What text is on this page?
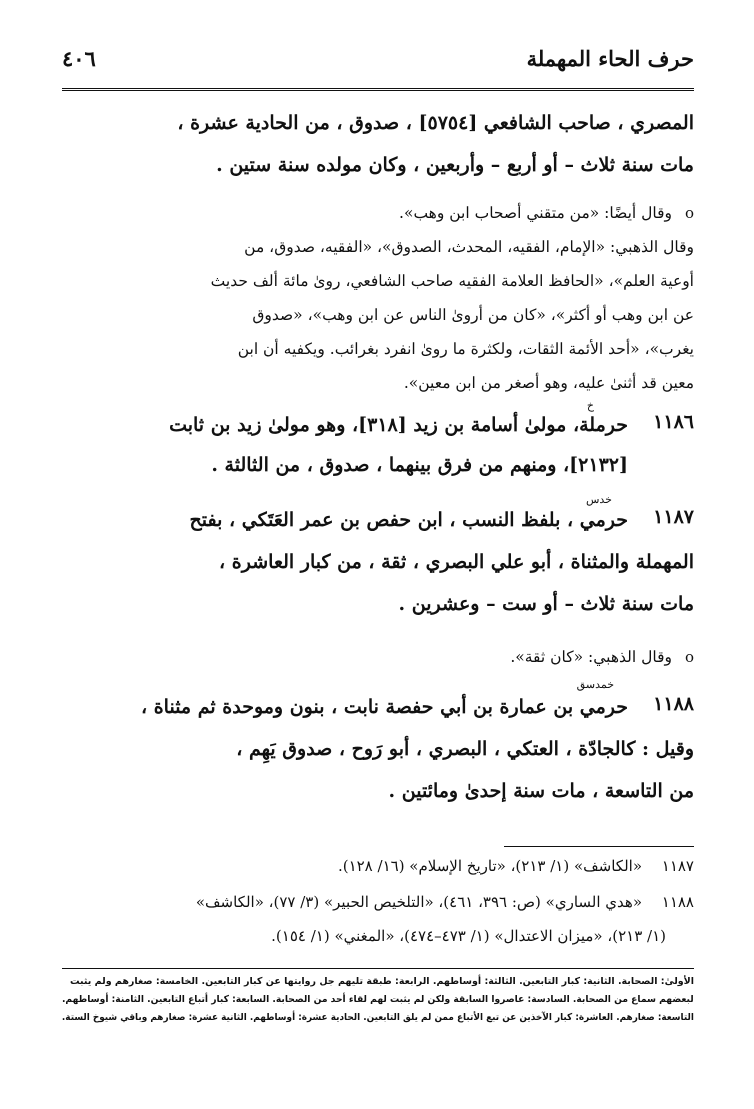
حرف الحاء المهملة
٤٠٦
المصري ، صاحب الشافعي [٥٧٥٤] ، صدوق ، من الحادية عشرة ،
مات سنة ثلاث – أو أربع – وأربعين ، وكان مولده سنة ستين .
o
وقال أيضًا: «من متقني أصحاب ابن وهب».
وقال الذهبي: «الإمام، الفقيه، المحدث، الصدوق»، «الفقيه، صدوق، من
أوعية العلم»، «الحافظ العلامة الفقيه صاحب الشافعي، روىٰ مائة ألف حديث
عن ابن وهب أو أكثر»، «كان من أروىٰ الناس عن ابن وهب»، «صدوق
يغرب»، «أحد الأئمة الثقات، ولكثرة ما روىٰ انفرد بغرائب. ويكفيه أن ابن
معين قد أثنىٰ عليه، وهو أصغر من ابن معين».
١١٨٦
خ
حرملة، مولىٰ أسامة بن زيد [٣١٨]، وهو مولىٰ زيد بن ثابت
[٢١٣٢]، ومنهم من فرق بينهما ، صدوق ، من الثالثة .
١١٨٧
خدس
حرمي ، بلفظ النسب ، ابن حفص بن عمر العَتَكي ، بفتح
المهملة والمثناة ، أبو علي البصري ، ثقة ، من كبار العاشرة ،
مات سنة ثلاث – أو ست – وعشرين .
o
وقال الذهبي: «كان ثقة».
١١٨٨
خمدسق
حرمي بن عمارة بن أبي حفصة نابت ، بنون وموحدة ثم مثناة ،
وقيل : كالجادّة ، العتكي ، البصري ، أبو رَوح ، صدوق يَهِم ،
من التاسعة ، مات سنة إحدىٰ ومائتين .
١١٨٧
«الكاشف» (١/ ٢١٣)، «تاريخ الإسلام» (١٦/ ١٢٨).
١١٨٨
«هدي الساري» (ص: ٣٩٦، ٤٦١)، «التلخيص الحبير» (٣/ ٧٧)، «الكاشف»
(١/ ٢١٣)، «ميزان الاعتدال» (١/ ٤٧٣–٤٧٤)، «المغني» (١/ ١٥٤).
الأولىٰ: الصحابة. الثانية: كبار التابعين. الثالثة: أوساطهم. الرابعة: طبقة تليهم جل روايتها عن كبار التابعين. الخامسة: صغارهم ولم يثبت
لبعضهم سماع من الصحابة. السادسة: عاصروا السابقة ولكن لم يثبت لهم لقاء أحد من الصحابة. السابعة: كبار أتباع التابعين. الثامنة: أوساطهم.
التاسعة: صغارهم. العاشرة: كبار الآخذين عن تبع الأتباع ممن لم يلق التابعين. الحادية عشرة: أوساطهم. الثانية عشرة: صغارهم وباقي شيوخ الستة.
